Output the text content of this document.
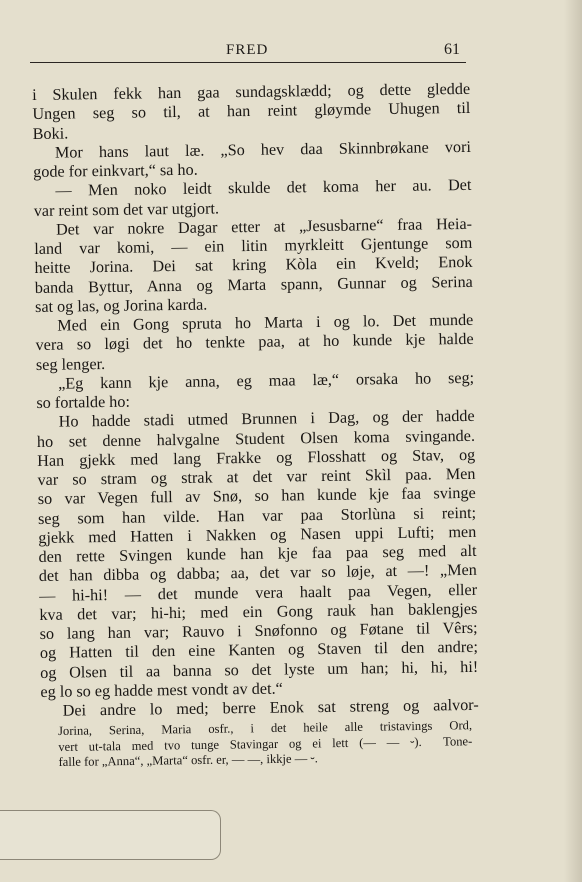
FRED	61
i Skulen fekk han gaa sundagsklædd; og dette gledde
Ungen seg so til, at han reint gløymde Uhugen til
Boki.
Mor hans laut læ. „So hev daa Skinnbrøkane vori
gode for einkvart,“ sa ho.
— Men noko leidt skulde det koma her au. Det
var reint som det var utgjort.
Det var nokre Dagar etter at „Jesusbarne“ fraa Heia-
land var komi, — ein litin myrkleitt Gjentunge som
heitte Jorina. Dei sat kring Kòla ein Kveld; Enok
banda Byttur, Anna og Marta spann, Gunnar og Serina
sat og las, og Jorina karda.
Med ein Gong spruta ho Marta i og lo. Det munde
vera so løgi det ho tenkte paa, at ho kunde kje halde
seg lenger.
„Eg kann kje anna, eg maa læ,“ orsaka ho seg;
so fortalde ho:
Ho hadde stadi utmed Brunnen i Dag, og der hadde
ho set denne halvgalne Student Olsen koma svingande.
Han gjekk med lang Frakke og Flosshatt og Stav, og
var so stram og strak at det var reint Skìl paa. Men
so var Vegen full av Snø, so han kunde kje faa svinge
seg som han vilde. Han var paa Storlùna si reint;
gjekk med Hatten i Nakken og Nasen uppi Lufti; men
den rette Svingen kunde han kje faa paa seg med alt
det han dibba og dabba; aa, det var so løje, at —! „Men
— hi-hi! — det munde vera haalt paa Vegen, eller
kva det var; hi-hi; med ein Gong rauk han baklengjes
so lang han var; Rauvo i Snøfonno og Føtane til Vêrs;
og Hatten til den eine Kanten og Staven til den andre;
og Olsen til aa banna so det lyste um han; hi, hi, hi!
eg lo so eg hadde mest vondt av det.“
Dei andre lo med; berre Enok sat streng og aalvor-
Jorina, Serina, Maria osfr., i det heile alle tristavings Ord,
vert ut-tala med tvo tunge Stavingar og ei lett (— — ⏑).  Tone-
falle for „Anna“, „Marta“ osfr. er, — —, ikkje — ⏑.
